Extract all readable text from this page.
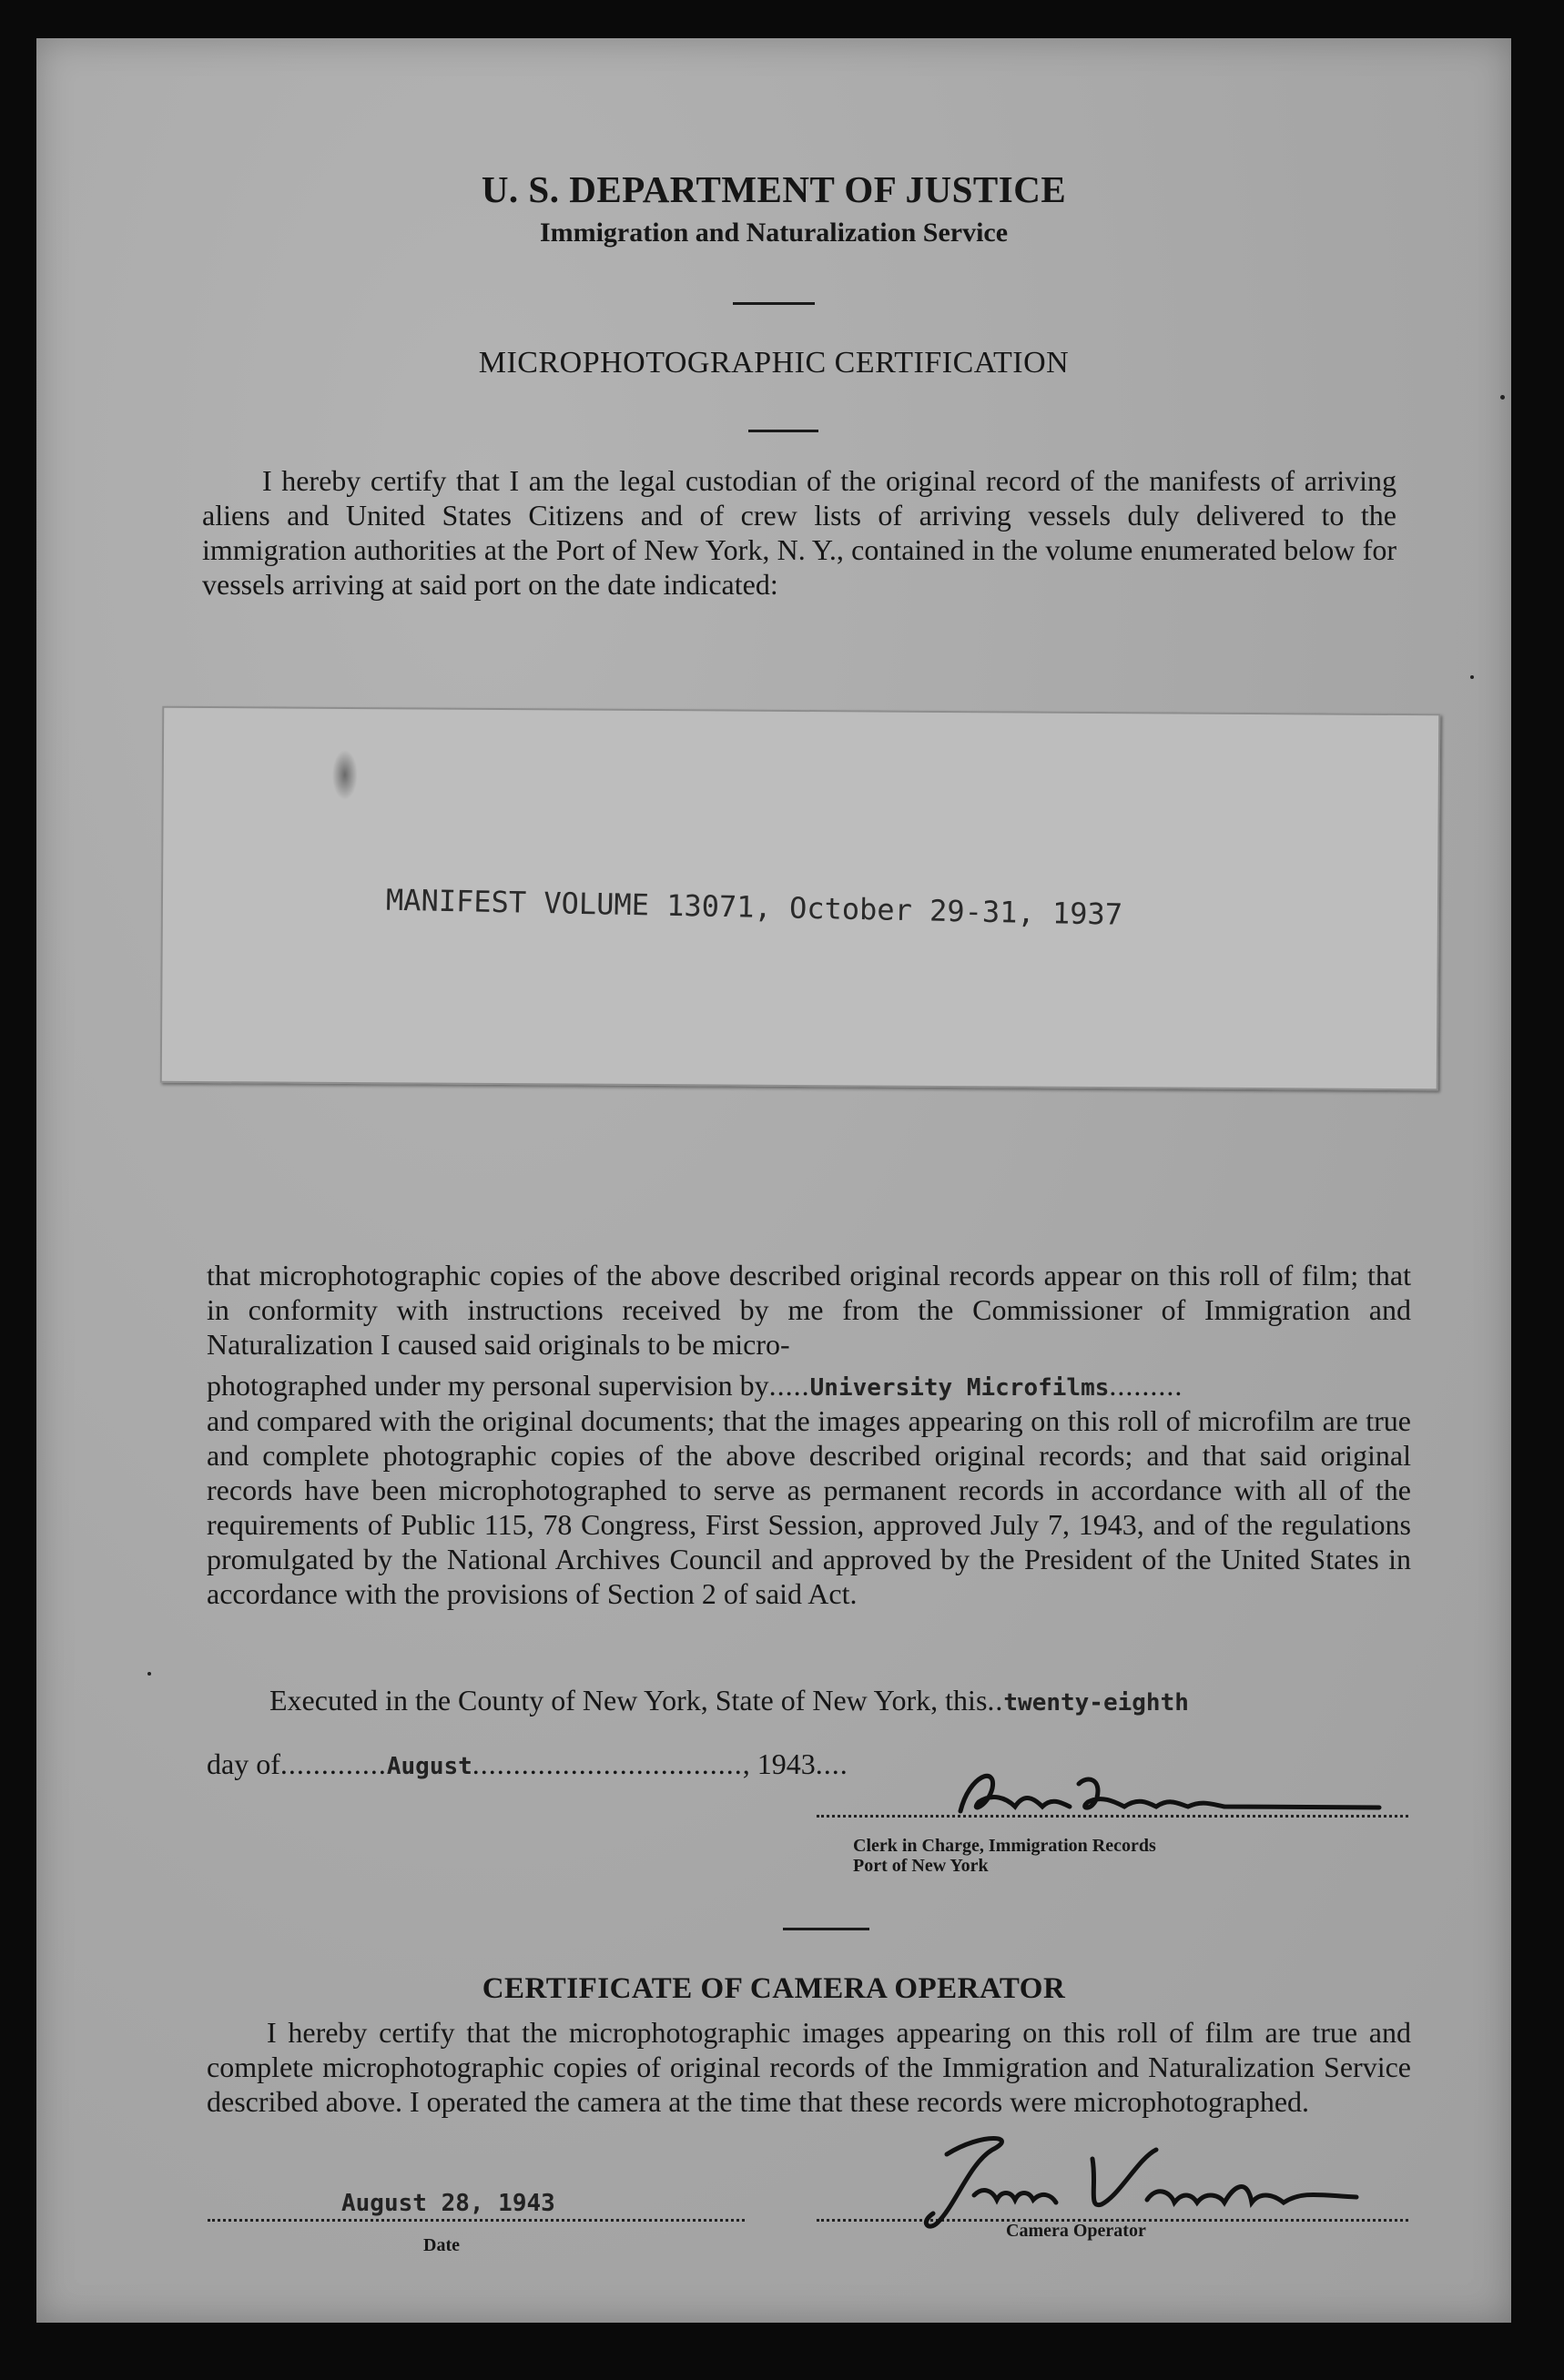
U. S. DEPARTMENT OF JUSTICE
Immigration and Naturalization Service
MICROPHOTOGRAPHIC CERTIFICATION
I hereby certify that I am the legal custodian of the original record of the manifests of arriving aliens and United States Citizens and of crew lists of arriving vessels duly delivered to the immigration authorities at the Port of New York, N. Y., contained in the volume enumerated below for vessels arriving at said port on the date indicated:
MANIFEST VOLUME 13071, October 29-31, 1937
that microphotographic copies of the above described original records appear on this roll of film; that in conformity with instructions received by me from the Commissioner of Immigration and Naturalization I caused said originals to be micro-
photographed under my personal supervision by.....University Microfilms.........
and compared with the original documents; that the images appearing on this roll of microfilm are true and complete photographic copies of the above described original records; and that said original records have been microphotographed to serve as permanent records in accordance with all of the requirements of Public 115, 78 Congress, First Session, approved July 7, 1943, and of the regulations promulgated by the National Archives Council and approved by the President of the United States in accordance with the provisions of Section 2 of said Act.
Executed in the County of New York, State of New York, this..twenty-eighth
day of.............August................................., 1943....
Clerk in Charge, Immigration Records
Port of New York
CERTIFICATE OF CAMERA OPERATOR
I hereby certify that the microphotographic images appearing on this roll of film are true and complete microphotographic copies of original records of the Immigration and Naturalization Service described above. I operated the camera at the time that these records were microphotographed.
August 28, 1943
Date
Camera Operator
